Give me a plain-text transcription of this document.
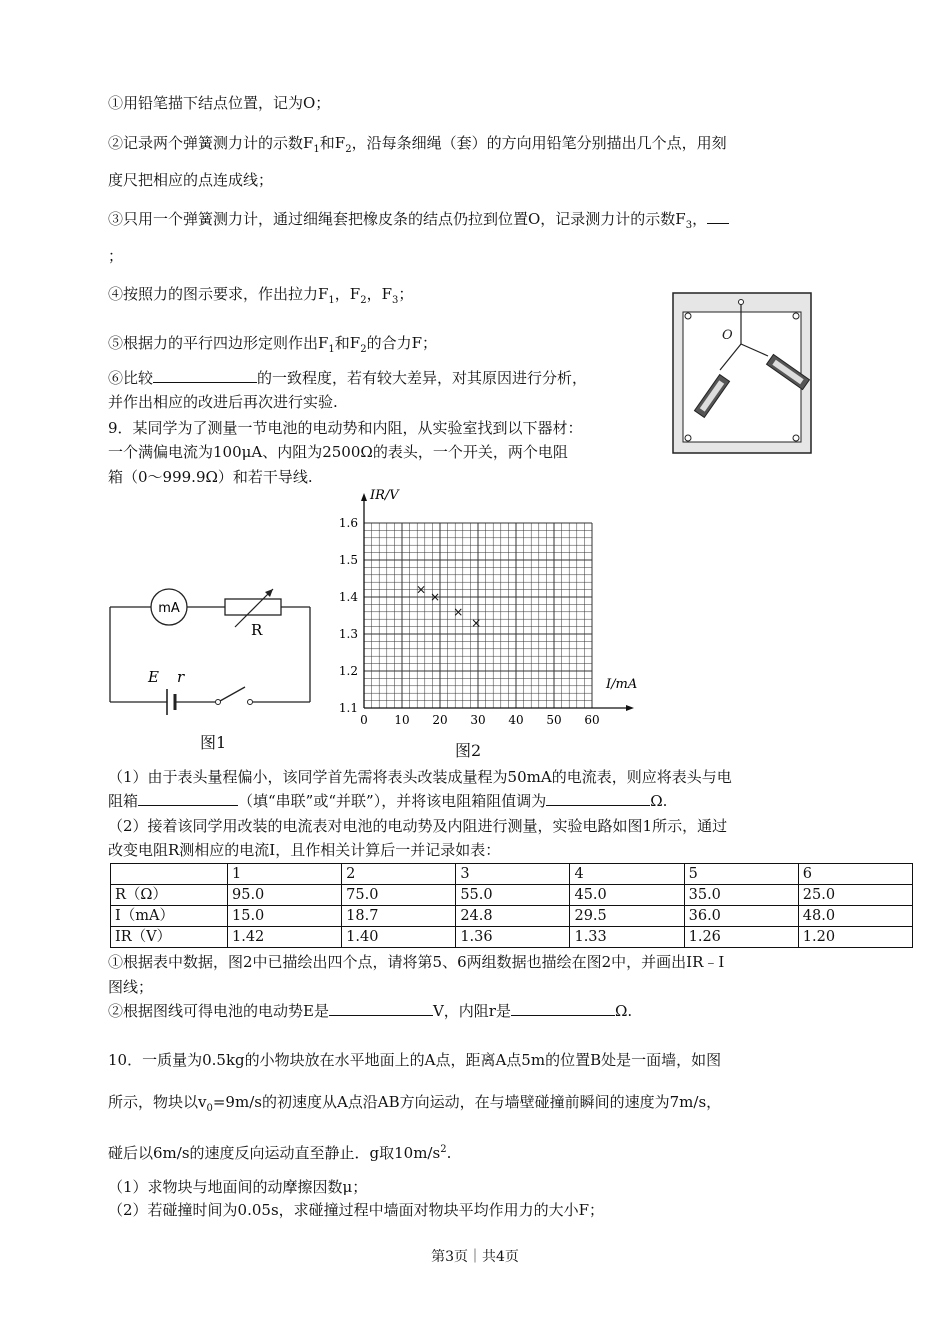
①用铅笔描下结点位置，记为O；
②记录两个弹簧测力计的示数$F_1$和$F_2$，沿每条细绳（套）的方向用铅笔分别描出几个点，用刻
度尺把相应的点连成线；
③只用一个弹簧测力计，通过细绳套把橡皮条的结点仍拉到位置O，记录测力计的示数$F_3$，
；
④按照力的图示要求，作出拉力$F_1$，$F_2$，$F_3$；
⑤根据力的平行四边形定则作出$F_1$和$F_2$的合力F；
⑥比较	的一致程度，若有较大差异，对其原因进行分析，
并作出相应的改进后再次进行实验.
9．某同学为了测量一节电池的电动势和内阻，从实验室找到以下器材：
一个满偏电流为100μA、内阻为2500Ω的表头，一个开关，两个电阻
箱（0～999.9Ω）和若干导线.
O
mA
R
E r
图1
0 10 20 30 40 50 60
1.1
1.2
1.3
1.4
1.5
1.6
I/mA
IR/V
×
×
×
×
图2
（1）由于表头量程偏小，该同学首先需将表头改装成量程为50mA的电流表，则应将表头与电
阻箱	（填“串联”或“并联”），并将该电阻箱阻值调为	Ω.
（2）接着该同学用改装的电流表对电池的电动势及内阻进行测量，实验电路如图1所示，通过
改变电阻R测相应的电流I，且作相关计算后一并记录如表：
	1	2	3	4	5	6
R（Ω）	95.0	75.0	55.0	45.0	35.0	25.0
I（mA）	15.0	18.7	24.8	29.5	36.0	48.0
IR（V）	1.42	1.40	1.36	1.33	1.26	1.20
①根据表中数据，图2中已描绘出四个点，请将第5、6两组数据也描绘在图2中，并画出IR﹣I
图线；
②根据图线可得电池的电动势E是	V，内阻r是	Ω.
10．一质量为0.5kg的小物块放在水平地面上的A点，距离A点5m的位置B处是一面墙，如图
所示，物块以$v_0=9m/s$的初速度从A点沿AB方向运动，在与墙壁碰撞前瞬间的速度为7m/s，
碰后以6m/s的速度反向运动直至静止．g取$10m/s^2$.
（1）求物块与地面间的动摩擦因数μ；
（2）若碰撞时间为0.05s，求碰撞过程中墙面对物块平均作用力的大小F；
第3页｜共4页
